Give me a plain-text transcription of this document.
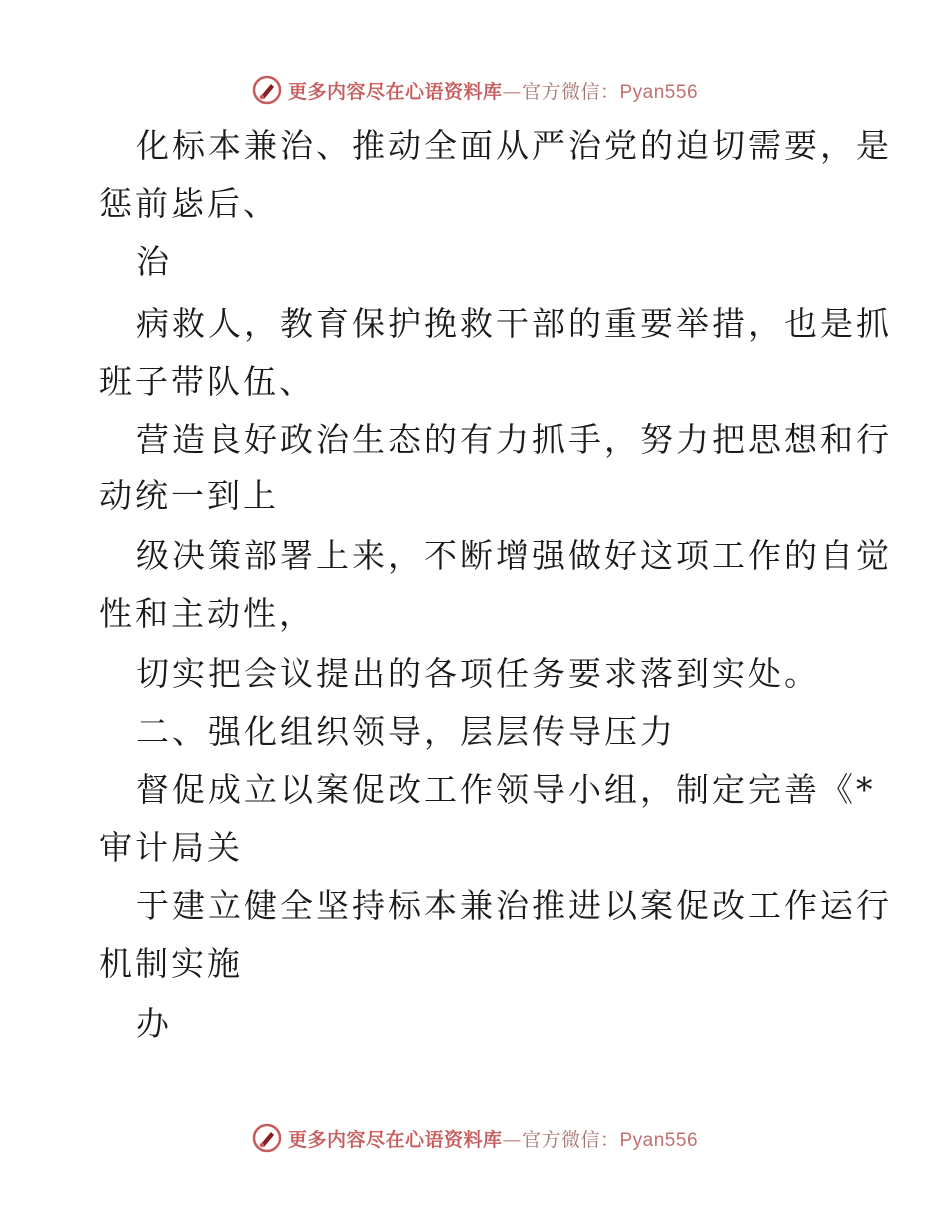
更多内容尽在心语资料库—官方微信：Pyan556
化标本兼治、推动全面从严治党的迫切需要，是
惩前毖后、
治
病救人，教育保护挽救干部的重要举措，也是抓
班子带队伍、
营造良好政治生态的有力抓手，努力把思想和行
动统一到上
级决策部署上来，不断增强做好这项工作的自觉
性和主动性，
切实把会议提出的各项任务要求落到实处。
二、强化组织领导，层层传导压力
督促成立以案促改工作领导小组，制定完善《*
审计局关
于建立健全坚持标本兼治推进以案促改工作运行
机制实施
办
更多内容尽在心语资料库—官方微信：Pyan556
